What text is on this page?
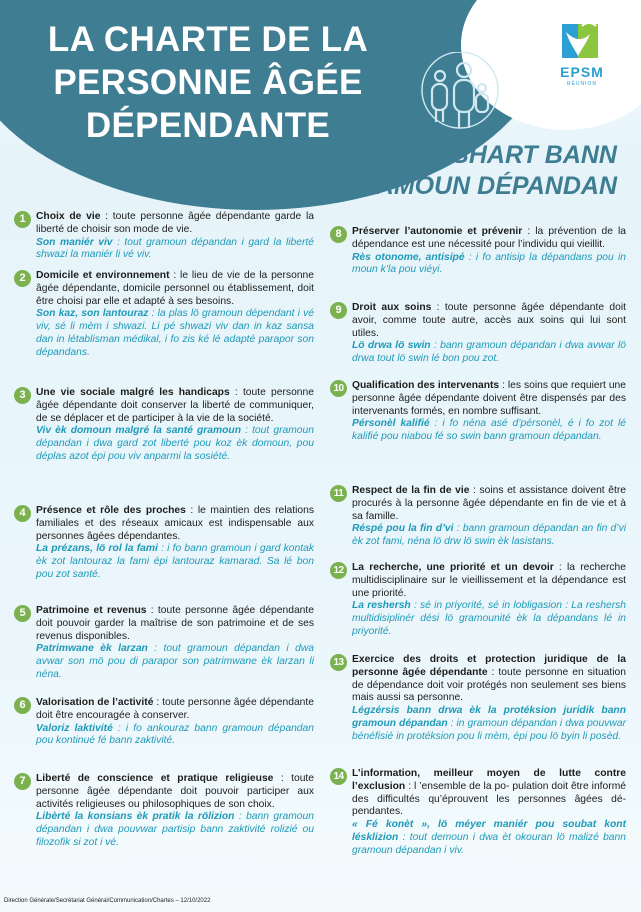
LA CHARTE DE LA
PERSONNE ÂGÉE
DÉPENDANTE
EPSM
RÉUNION
LA SHART BANN
GRAMOUN DÉPANDAN
1	Choix de vie : toute personne âgée dépendante garde la liberté de choisir son mode de vie.
Son maniér viv : tout gramoun dépandan i gard la liberté shwazi la maniér li vé viv.
2	Domicile et environnement : le lieu de vie de la personne âgée dépendante, domicile personnel ou établissement, doit être choisi par elle et adapté à ses besoins.
Son kaz, son lantouraz : la plas lö gramoun dépendant i vé viv, sé li mèm i shwazi. Li pé shwazi viv dan in kaz sansa dan in létablisman médikal, i fo zis ké lé adapté parapor son dépandans.
3	Une vie sociale malgré les handicaps : toute personne âgée dépendante doit conserver la liberté de communiquer, de se déplacer et de participer à la vie de la société.
Viv èk domoun malgré la santé gramoun : tout gramoun dépandan i dwa gard zot liberté pou koz èk domoun, pou déplas azot épi pou viv anparmi la sosiété.
4	Présence et rôle des proches : le maintien des relations familiales et des réseaux amicaux est indispensable aux personnes âgées dépendantes.
La prézans, lö rol la fami : i fo bann gramoun i gard kontak èk zot lantouraz la fami épi lantouraz kamarad. Sa lé bon pou zot santé.
5	Patrimoine et revenus : toute personne âgée dépendante doit pouvoir garder la maîtrise de son patrimoine et de ses revenus disponibles.
Patrimwane èk larzan : tout gramoun dépandan i dwa avwar son mö pou di parapor son patrimwane èk larzan li néna.
6	Valorisation de l’activité : toute personne âgée dépendante doit être encouragée à conserver.
Valoriz laktivité : i fo ankouraz bann gramoun dépandan pou kontinué fé bann zaktivité.
7	Liberté de conscience et pratique religieuse : toute personne âgée dépendante doit pouvoir participer aux activités religieuses ou philosophiques de son choix.
Libèrté la konsians èk pratik la rölizion : bann gramoun dépandan i dwa pouvwar partisip bann zaktivité rolizié ou filozofik si zot i vé.
8	Préserver l’autonomie et prévenir : la prévention de la dépendance est une nécessité pour l’individu qui vieillit.
Rès otonome, antisipé : i fo antisip la dépandans pou in moun k’la pou viéyi.
9	Droit aux soins : toute personne âgée dépendante doit avoir, comme toute autre, accès aux soins qui lui sont utiles.
Lö drwa lö swin : bann gramoun dépandan i dwa avwar lö drwa tout lö swin lé bon pou zot.
10 Qualification des intervenants : les soins que requiert une personne âgée dépendante doivent être dispensés par des intervenants formés, en nombre suffisant.
Pérsonèl kalifié : i fo néna asé d’pérsonèl, é i fo zot lé kalifié pou niabou fé so swin bann gramoun dépandan.
11 Respect de la fin de vie : soins et assistance doivent être procurés à la personne âgée dépendante en fin de vie et à sa famille.
Réspé pou la fin d’vi : bann gramoun dépandan an fin d’vi èk zot fami, néna lö drw lö swin èk lasistans.
12 La recherche, une priorité et un devoir : la recherche multidisciplinaire sur le vieillissement et la dépendance est une priorité.
La reshersh : sé in priyorité, sé in lobligasion : La reshersh multidisiplinér dési lö gramounité èk la dépandans lé in priyorité.
13 Exercice des droits et protection juridique de la personne âgée dépendante : toute personne en situation de dépendance doit voir protégés non seulement ses biens mais aussi sa personne.
Légzérsis bann drwa èk la protéksion juridik bann gramoun dépandan : in gramoun dépandan i dwa pouvwar bénéfisié in protéksion pou li mèm, épi pou lö byin li posèd.
14 L’information, meilleur moyen de lutte contre l’exclusion : l ’ensemble de la po- pulation doit être informé des difficultés qu’éprouvent les personnes âgées dé- pendantes.
« Fé konèt », lö méyer maniér pou soubat kont lésklizion : tout demoun i dwa èt okouran lö malizé bann gramoun dépandan i viv.
Direction Générale/Secrétariat Général/Communication/Chartes – 12/10/2022
